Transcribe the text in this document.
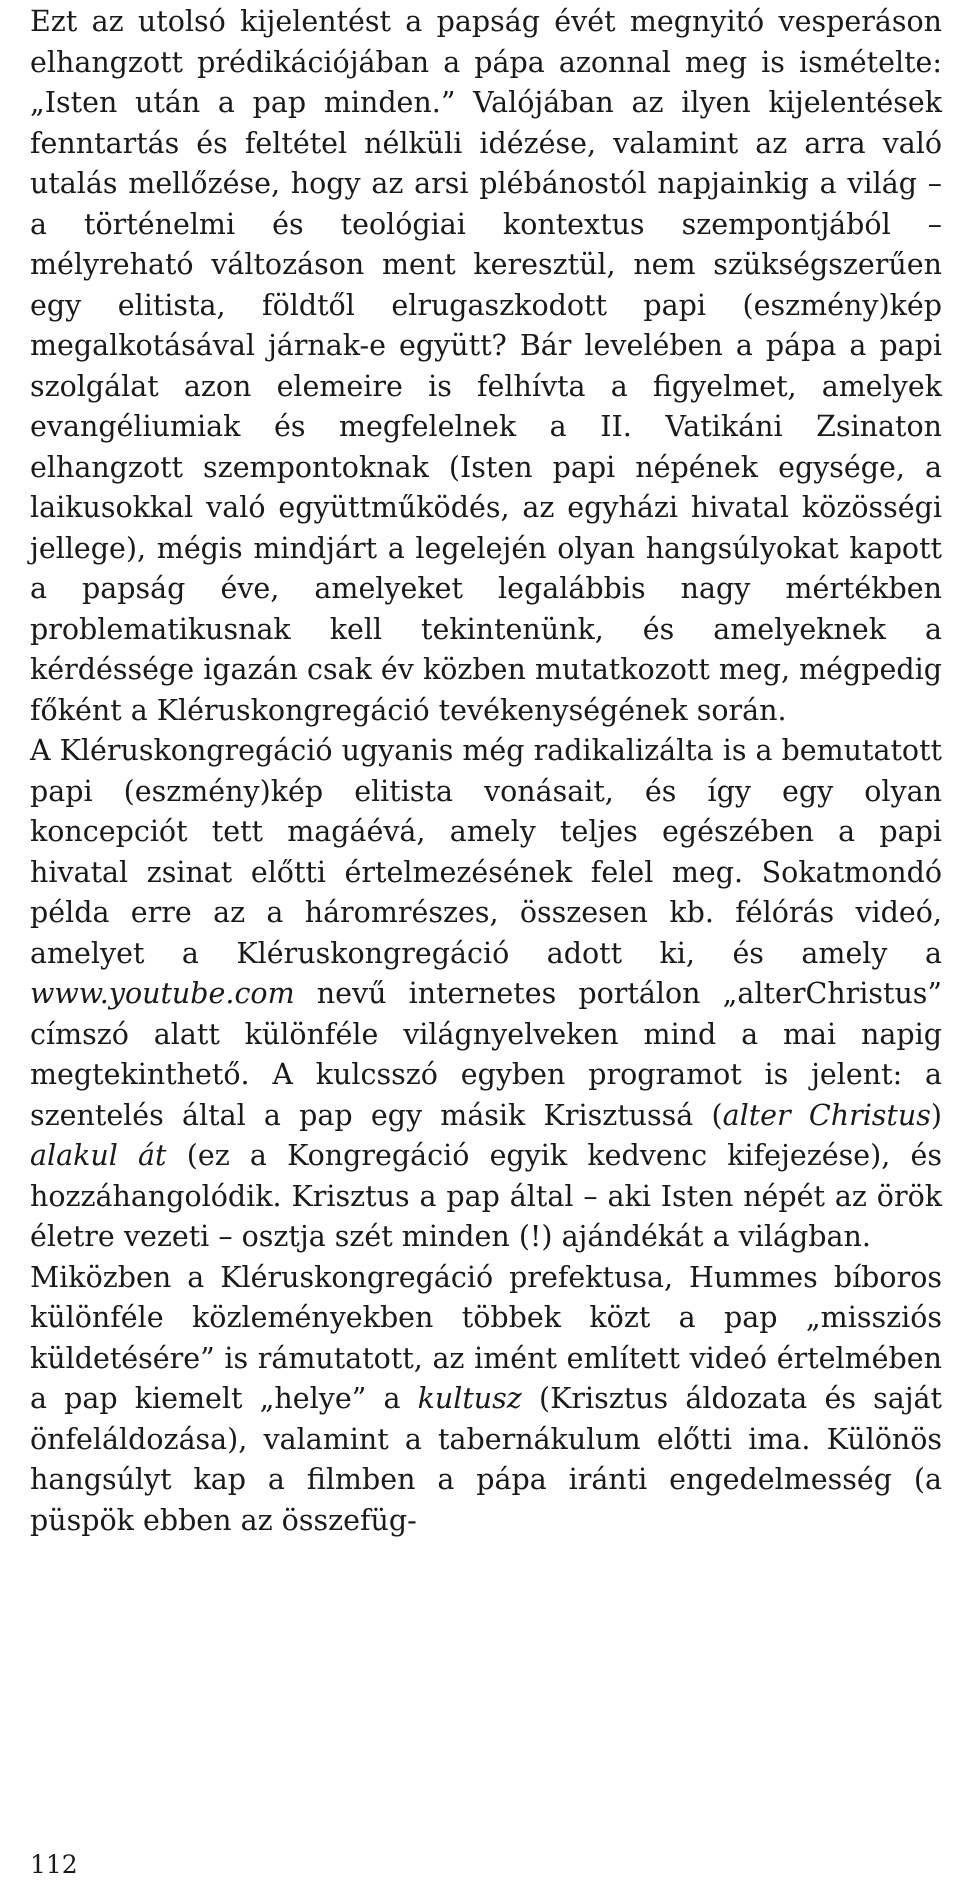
Ezt az utolsó kijelentést a papság évét megnyitó vesperáson elhangzott prédikációjában a pápa azonnal meg is ismételte: „Isten után a pap minden.” Valójában az ilyen kijelentések fenntartás és feltétel nélküli idézése, valamint az arra való utalás mellőzése, hogy az arsi plébánostól napjainkig a világ – a történelmi és teológiai kontextus szempontjából – mélyreható változáson ment keresztül, nem szükségszerűen egy elitista, földtől elrugaszkodott papi (eszmény)kép megalkotásával járnak-e együtt? Bár levelében a pápa a papi szolgálat azon elemeire is felhívta a figyelmet, amelyek evangéliumiak és megfelelnek a II. Vatikáni Zsinaton elhangzott szempontoknak (Isten papi népének egysége, a laikusokkal való együttműködés, az egyházi hivatal közösségi jellege), mégis mindjárt a legelején olyan hangsúlyokat kapott a papság éve, amelyeket legalábbis nagy mértékben problematikusnak kell tekintenünk, és amelyeknek a kérdéssége igazán csak év közben mutatkozott meg, mégpedig főként a Kléruskongregáció tevékenységének során.

A Kléruskongregáció ugyanis még radikalizálta is a bemutatott papi (eszmény)kép elitista vonásait, és így egy olyan koncepciót tett magáévá, amely teljes egészében a papi hivatal zsinat előtti értelmezésének felel meg. Sokatmondó példa erre az a háromrészes, összesen kb. félórás videó, amelyet a Kléruskongregáció adott ki, és amely a www.youtube.com nevű internetes portálon „alterChristus” címszó alatt különféle világnyelveken mind a mai napig megtekinthető. A kulcsszó egyben programot is jelent: a szentelés által a pap egy másik Krisztussá (alter Christus) alakul át (ez a Kongregáció egyik kedvenc kifejezése), és hozzáhangolódik. Krisztus a pap által – aki Isten népét az örök életre vezeti – osztja szét minden (!) ajándékát a világban.

Miközben a Kléruskongregáció prefektusa, Hummes bíboros különféle közleményekben többek közt a pap „missziós küldetésére” is rámutatott, az imént említett videó értelmében a pap kiemelt „helye” a kultusz (Krisztus áldozata és saját önfeláldozása), valamint a tabernákulum előtti ima. Különös hangsúlyt kap a filmben a pápa iránti engedelmesség (a püspök ebben az összefüg-

112
